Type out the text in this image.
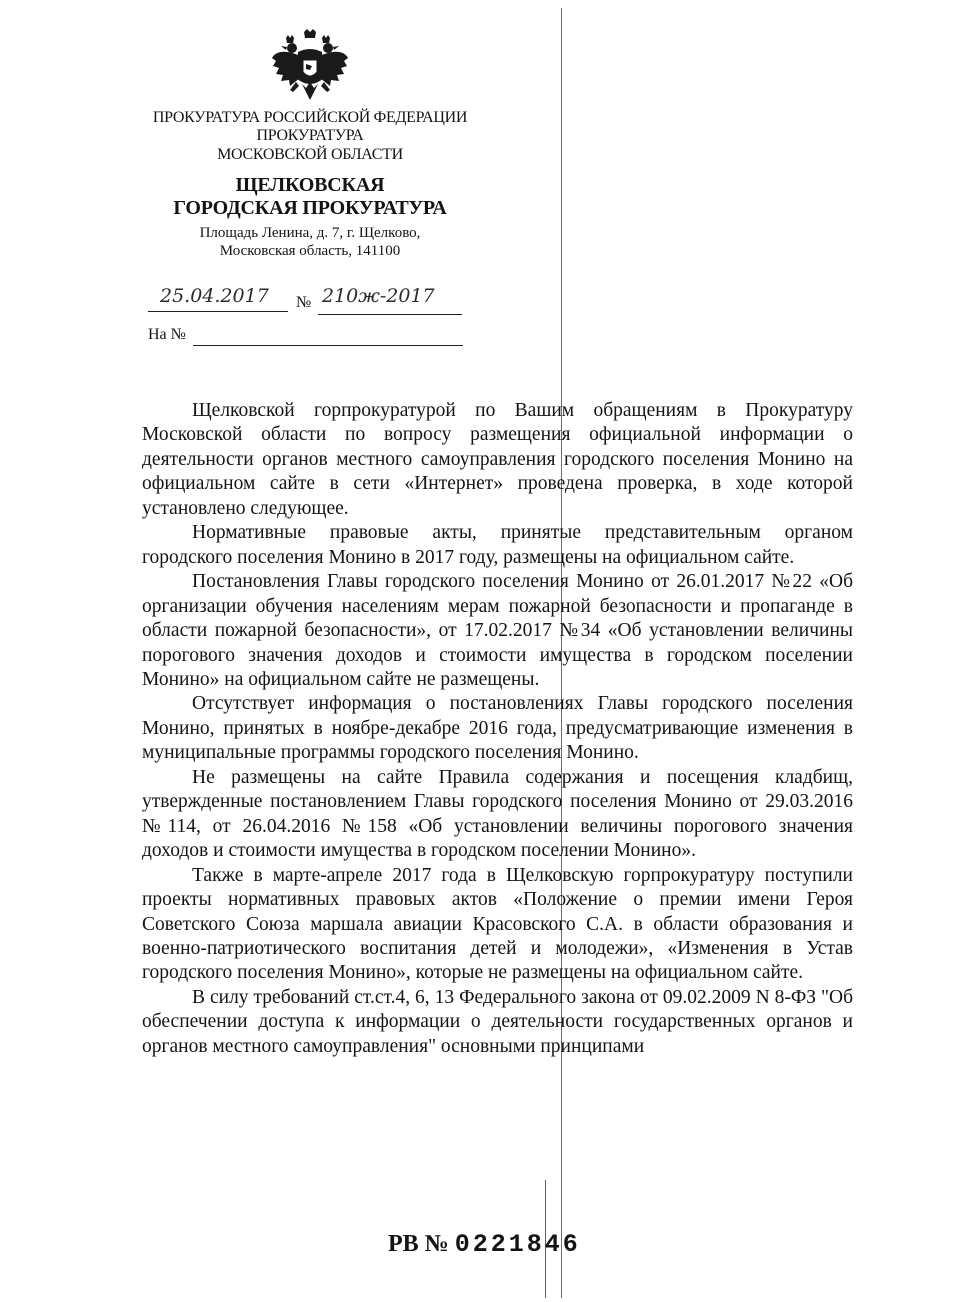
ПРОКУРАТУРА РОССИЙСКОЙ ФЕДЕРАЦИИ
ПРОКУРАТУРА
МОСКОВСКОЙ ОБЛАСТИ
ЩЕЛКОВСКАЯ
ГОРОДСКАЯ ПРОКУРАТУРА
Площадь Ленина, д. 7, г. Щелково,
Московская область, 141100
25.04.2017 № 210ж-2017
На №

Щелковской горпрокуратурой по Вашим обращениям в Прокуратуру Московской области по вопросу размещения официальной информации о деятельности органов местного самоуправления городского поселения Монино на официальном сайте в сети «Интернет» проведена проверка, в ходе которой установлено следующее.

Нормативные правовые акты, принятые представительным органом городского поселения Монино в 2017 году, размещены на официальном сайте.

Постановления Главы городского поселения Монино от 26.01.2017 №22 «Об организации обучения населениям мерам пожарной безопасности и пропаганде в области пожарной безопасности», от 17.02.2017 №34 «Об установлении величины порогового значения доходов и стоимости имущества в городском поселении Монино» на официальном сайте не размещены.

Отсутствует информация о постановлениях Главы городского поселения Монино, принятых в ноябре-декабре 2016 года, предусматривающие изменения в муниципальные программы городского поселения Монино.

Не размещены на сайте Правила содержания и посещения кладбищ, утвержденные постановлением Главы городского поселения Монино от 29.03.2016 №114, от 26.04.2016 №158 «Об установлении величины порогового значения доходов и стоимости имущества в городском поселении Монино».

Также в марте-апреле 2017 года в Щелковскую горпрокуратуру поступили проекты нормативных правовых актов «Положение о премии имени Героя Советского Союза маршала авиации Красовского С.А. в области образования и военно-патриотического воспитания детей и молодежи», «Изменения в Устав городского поселения Монино», которые не размещены на официальном сайте.

В силу требований ст.ст.4, 6, 13 Федерального закона от 09.02.2009 N 8-ФЗ "Об обеспечении доступа к информации о деятельности государственных органов и органов местного самоуправления" основными принципами

РВ № 0221846
